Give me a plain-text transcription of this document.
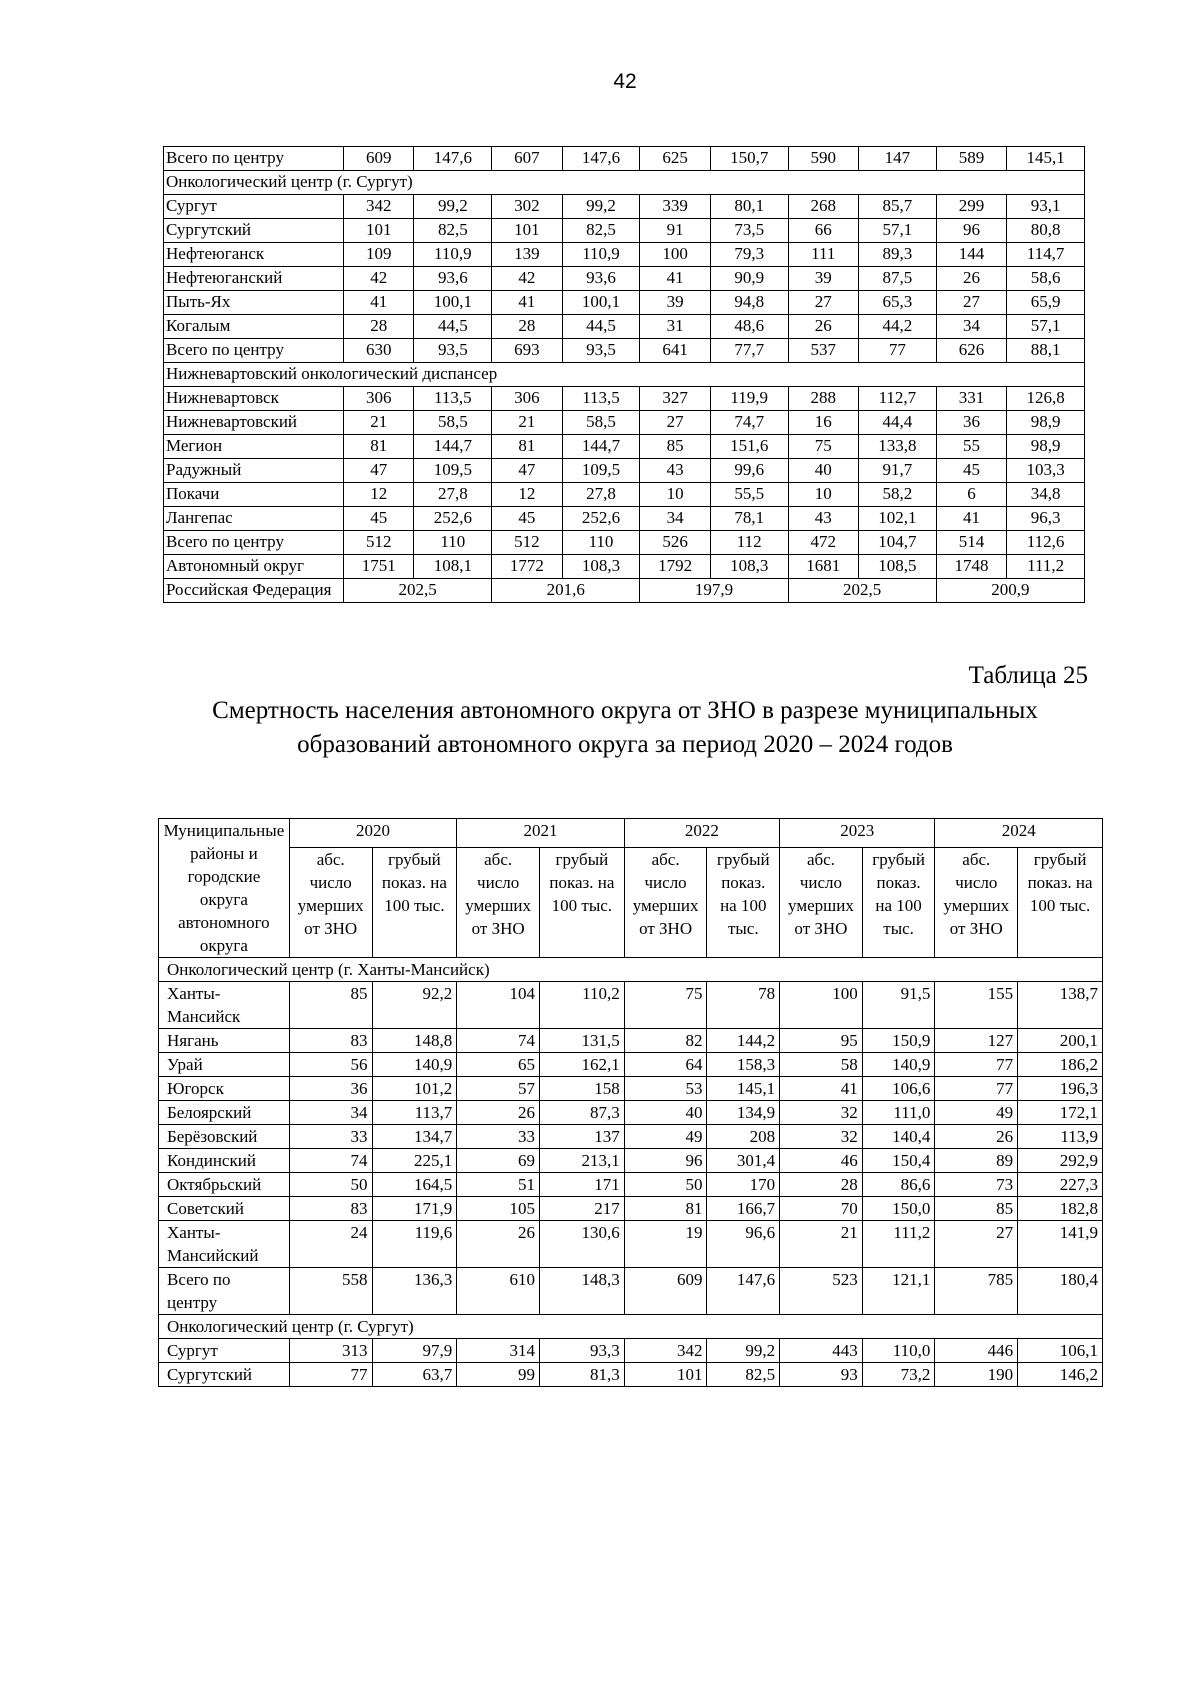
42
Всего по центру	609	147,6	607	147,6	625	150,7	590	147	589	145,1
Онкологический центр (г. Сургут)										
Сургут	342	99,2	302	99,2	339	80,1	268	85,7	299	93,1
Сургутский	101	82,5	101	82,5	91	73,5	66	57,1	96	80,8
Нефтеюганск	109	110,9	139	110,9	100	79,3	111	89,3	144	114,7
Нефтеюганский	42	93,6	42	93,6	41	90,9	39	87,5	26	58,6
Пыть-Ях	41	100,1	41	100,1	39	94,8	27	65,3	27	65,9
Когалым	28	44,5	28	44,5	31	48,6	26	44,2	34	57,1
Всего по центру	630	93,5	693	93,5	641	77,7	537	77	626	88,1
Нижневартовский онкологический диспансер										
Нижневартовск	306	113,5	306	113,5	327	119,9	288	112,7	331	126,8
Нижневартовский	21	58,5	21	58,5	27	74,7	16	44,4	36	98,9
Мегион	81	144,7	81	144,7	85	151,6	75	133,8	55	98,9
Радужный	47	109,5	47	109,5	43	99,6	40	91,7	45	103,3
Покачи	12	27,8	12	27,8	10	55,5	10	58,2	6	34,8
Лангепас	45	252,6	45	252,6	34	78,1	43	102,1	41	96,3
Всего по центру	512	110	512	110	526	112	472	104,7	514	112,6
Автономный округ	1751	108,1	1772	108,3	1792	108,3	1681	108,5	1748	111,2
Российская Федерация	202,5		201,6		197,9		202,5		200,9	
Таблица 25
Смертность населения автономного округа от ЗНО в разрезе муниципальных образований автономного округа за период 2020 – 2024 годов
Муниципальные районы и городские округа автономного округа	2020		2021		2022		2023		2024	
	абс. число умерших от ЗНО	грубый показ. на 100 тыс.	абс. число умерших от ЗНО	грубый показ. на 100 тыс.	абс. число умерших от ЗНО	грубый показ. на 100 тыс.	абс. число умерших от ЗНО	грубый показ. на 100 тыс.	абс. число умерших от ЗНО	грубый показ. на 100 тыс.
Онкологический центр (г. Ханты-Мансийск)										
Ханты-Мансийск	85	92,2	104	110,2	75	78	100	91,5	155	138,7
Нягань	83	148,8	74	131,5	82	144,2	95	150,9	127	200,1
Урай	56	140,9	65	162,1	64	158,3	58	140,9	77	186,2
Югорск	36	101,2	57	158	53	145,1	41	106,6	77	196,3
Белоярский	34	113,7	26	87,3	40	134,9	32	111,0	49	172,1
Берёзовский	33	134,7	33	137	49	208	32	140,4	26	113,9
Кондинский	74	225,1	69	213,1	96	301,4	46	150,4	89	292,9
Октябрьский	50	164,5	51	171	50	170	28	86,6	73	227,3
Советский	83	171,9	105	217	81	166,7	70	150,0	85	182,8
Ханты-Мансийский	24	119,6	26	130,6	19	96,6	21	111,2	27	141,9
Всего по центру	558	136,3	610	148,3	609	147,6	523	121,1	785	180,4
Онкологический центр (г. Сургут)										
Сургут	313	97,9	314	93,3	342	99,2	443	110,0	446	106,1
Сургутский	77	63,7	99	81,3	101	82,5	93	73,2	190	146,2
